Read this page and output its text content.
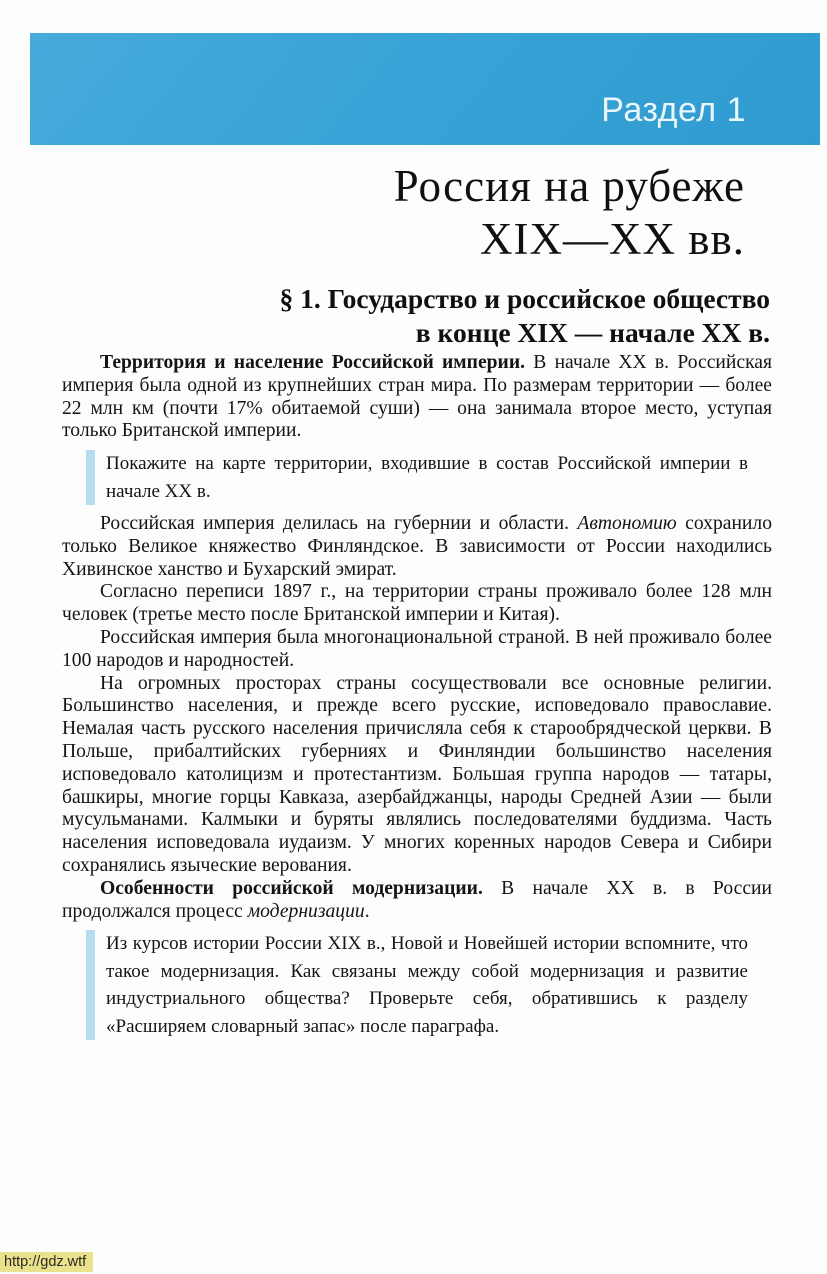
Раздел 1
Россия на рубеже
XIX—XX вв.
§ 1. Государство и российское общество
в конце XIX — начале XX в.
Территория и население Российской империи. В начале XX в. Российская империя была одной из крупнейших стран мира. По размерам территории — более 22 млн км (почти 17% обитаемой суши) — она занимала второе место, уступая только Британской империи.
Покажите на карте территории, входившие в состав Российской империи в начале XX в.
Российская империя делилась на губернии и области. Автономию сохранило только Великое княжество Финляндское. В зависимости от России находились Хивинское ханство и Бухарский эмират.
Согласно переписи 1897 г., на территории страны проживало более 128 млн человек (третье место после Британской империи и Китая).
Российская империя была многонациональной страной. В ней проживало более 100 народов и народностей.
На огромных просторах страны сосуществовали все основные религии. Большинство населения, и прежде всего русские, исповедовало православие. Немалая часть русского населения причисляла себя к старообрядческой церкви. В Польше, прибалтийских губерниях и Финляндии большинство населения исповедовало католицизм и протестантизм. Большая группа народов — татары, башкиры, многие горцы Кавказа, азербайджанцы, народы Средней Азии — были мусульманами. Калмыки и буряты являлись последователями буддизма. Часть населения исповедовала иудаизм. У многих коренных народов Севера и Сибири сохранялись языческие верования.
Особенности российской модернизации. В начале XX в. в России продолжался процесс модернизации.
Из курсов истории России XIX в., Новой и Новейшей истории вспомните, что такое модернизация. Как связаны между собой модернизация и развитие индустриального общества? Проверьте себя, обратившись к разделу «Расширяем словарный запас» после параграфа.
http://gdz.wtf
